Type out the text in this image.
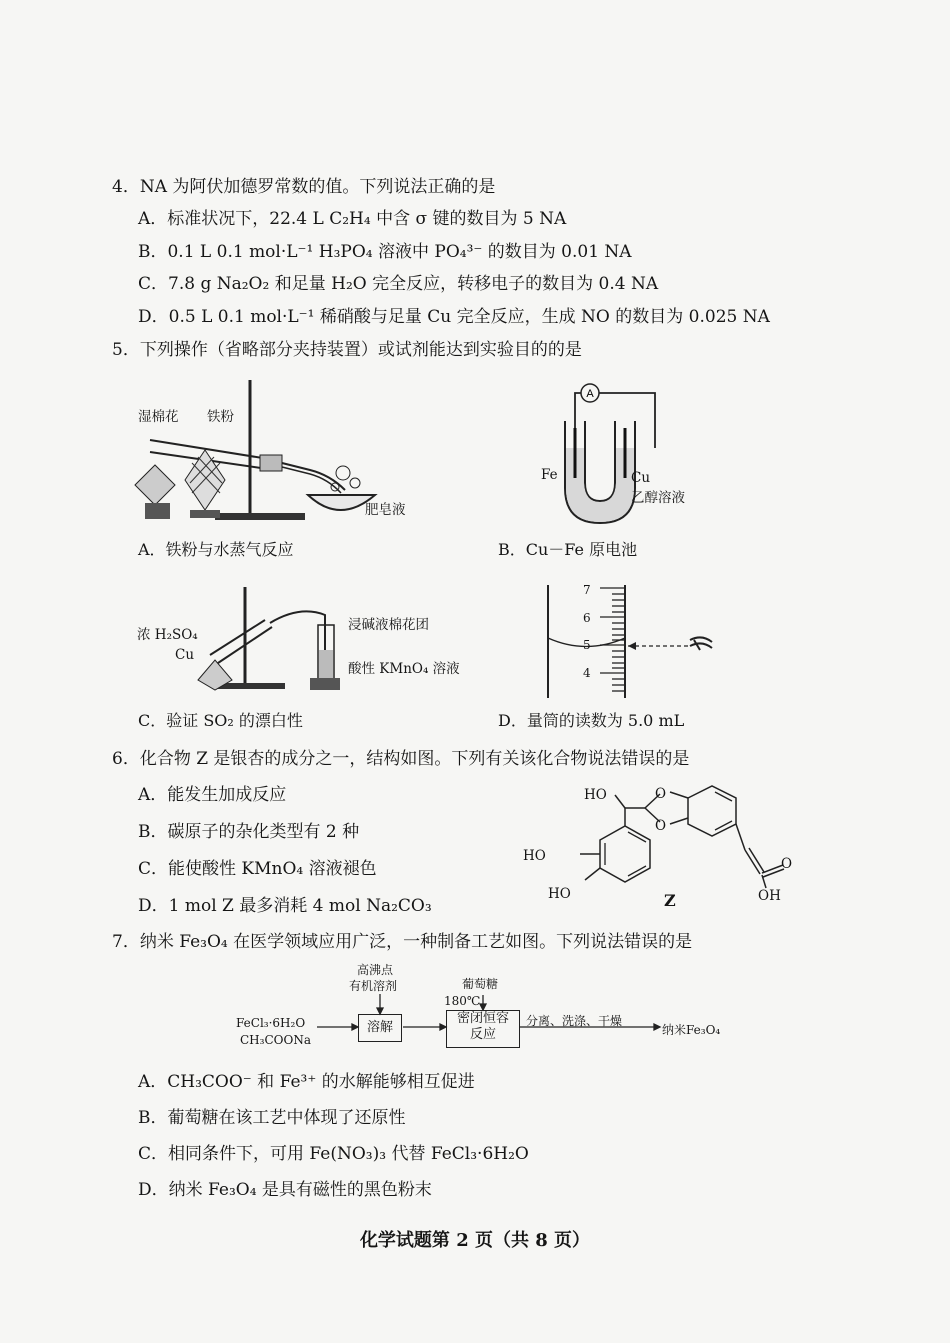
4．NA 为阿伏加德罗常数的值。下列说法正确的是
A．标准状况下，22.4 L C₂H₄ 中含 σ 键的数目为 5 NA
B．0.1 L 0.1 mol·L⁻¹ H₃PO₄ 溶液中 PO₄³⁻ 的数目为 0.01 NA
C．7.8 g Na₂O₂ 和足量 H₂O 完全反应，转移电子的数目为 0.4 NA
D．0.5 L 0.1 mol·L⁻¹ 稀硝酸与足量 Cu 完全反应，生成 NO 的数目为 0.025 NA
5．下列操作（省略部分夹持装置）或试剂能达到实验目的的是
湿棉花 铁粉
肥皂液
A．铁粉与水蒸气反应
A
Fe	Cu
乙醇溶液
B．Cu－Fe 原电池
浓 H₂SO₄
Cu
浸碱液棉花团
酸性 KMnO₄ 溶液
C．验证 SO₂ 的漂白性
7
6
5
4
D．量筒的读数为 5.0 mL
6．化合物 Z 是银杏的成分之一，结构如图。下列有关该化合物说法错误的是
A．能发生加成反应
B．碳原子的杂化类型有 2 种
C．能使酸性 KMnO₄ 溶液褪色
D．1 mol Z 最多消耗 4 mol Na₂CO₃
HO
HO
HO
O
O
O
OH
Z
7．纳米 Fe₃O₄ 在医学领域应用广泛，一种制备工艺如图。下列说法错误的是
FeCl₃·6H₂O
CH₃COONa
高沸点
有机溶剂
溶解
葡萄糖
180℃
密闭恒容
反应
分离、洗涤、干燥
纳米Fe₃O₄
A．CH₃COO⁻ 和 Fe³⁺ 的水解能够相互促进
B．葡萄糖在该工艺中体现了还原性
C．相同条件下，可用 Fe(NO₃)₃ 代替 FeCl₃·6H₂O
D．纳米 Fe₃O₄ 是具有磁性的黑色粉末
化学试题第 2 页（共 8 页）
